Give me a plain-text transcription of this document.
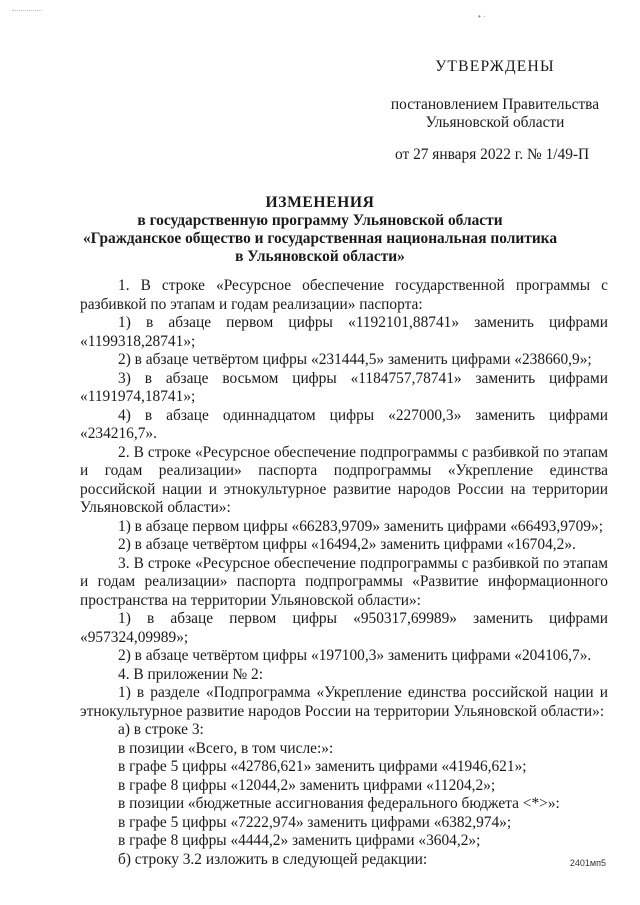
• ·
УТВЕРЖДЕНЫ
постановлением Правительства
Ульяновской области
от 27 января 2022 г. № 1/49-П
ИЗМЕНЕНИЯ
в государственную программу Ульяновской области
«Гражданское общество и государственная национальная политика
в Ульяновской области»

1. В строке «Ресурсное обеспечение государственной программы с разбивкой по этапам и годам реализации» паспорта:

1) в абзаце первом цифры «1192101,88741» заменить цифрами «1199318,28741»;

2) в абзаце четвёртом цифры «231444,5» заменить цифрами «238660,9»;

3) в абзаце восьмом цифры «1184757,78741» заменить цифрами «1191974,18741»;

4) в абзаце одиннадцатом цифры «227000,3» заменить цифрами «234216,7».

2. В строке «Ресурсное обеспечение подпрограммы с разбивкой по этапам и годам реализации» паспорта подпрограммы «Укрепление единства российской нации и этнокультурное развитие народов России на территории Ульяновской области»:

1) в абзаце первом цифры «66283,9709» заменить цифрами «66493,9709»;

2) в абзаце четвёртом цифры «16494,2» заменить цифрами «16704,2».

3. В строке «Ресурсное обеспечение подпрограммы с разбивкой по этапам и годам реализации» паспорта подпрограммы «Развитие информационного пространства на территории Ульяновской области»:

1) в абзаце первом цифры «950317,69989» заменить цифрами «957324,09989»;

2) в абзаце четвёртом цифры «197100,3» заменить цифрами «204106,7».

4. В приложении № 2:

1) в разделе «Подпрограмма «Укрепление единства российской нации и этнокультурное развитие народов России на территории Ульяновской области»:

а) в строке 3:

в позиции «Всего, в том числе:»:

в графе 5 цифры «42786,621» заменить цифрами «41946,621»;

в графе 8 цифры «12044,2» заменить цифрами «11204,2»;

в позиции «бюджетные ассигнования федерального бюджета <*>»:

в графе 5 цифры «7222,974» заменить цифрами «6382,974»;

в графе 8 цифры «4444,2» заменить цифрами «3604,2»;

б) строку 3.2 изложить в следующей редакции:	2401мп5
